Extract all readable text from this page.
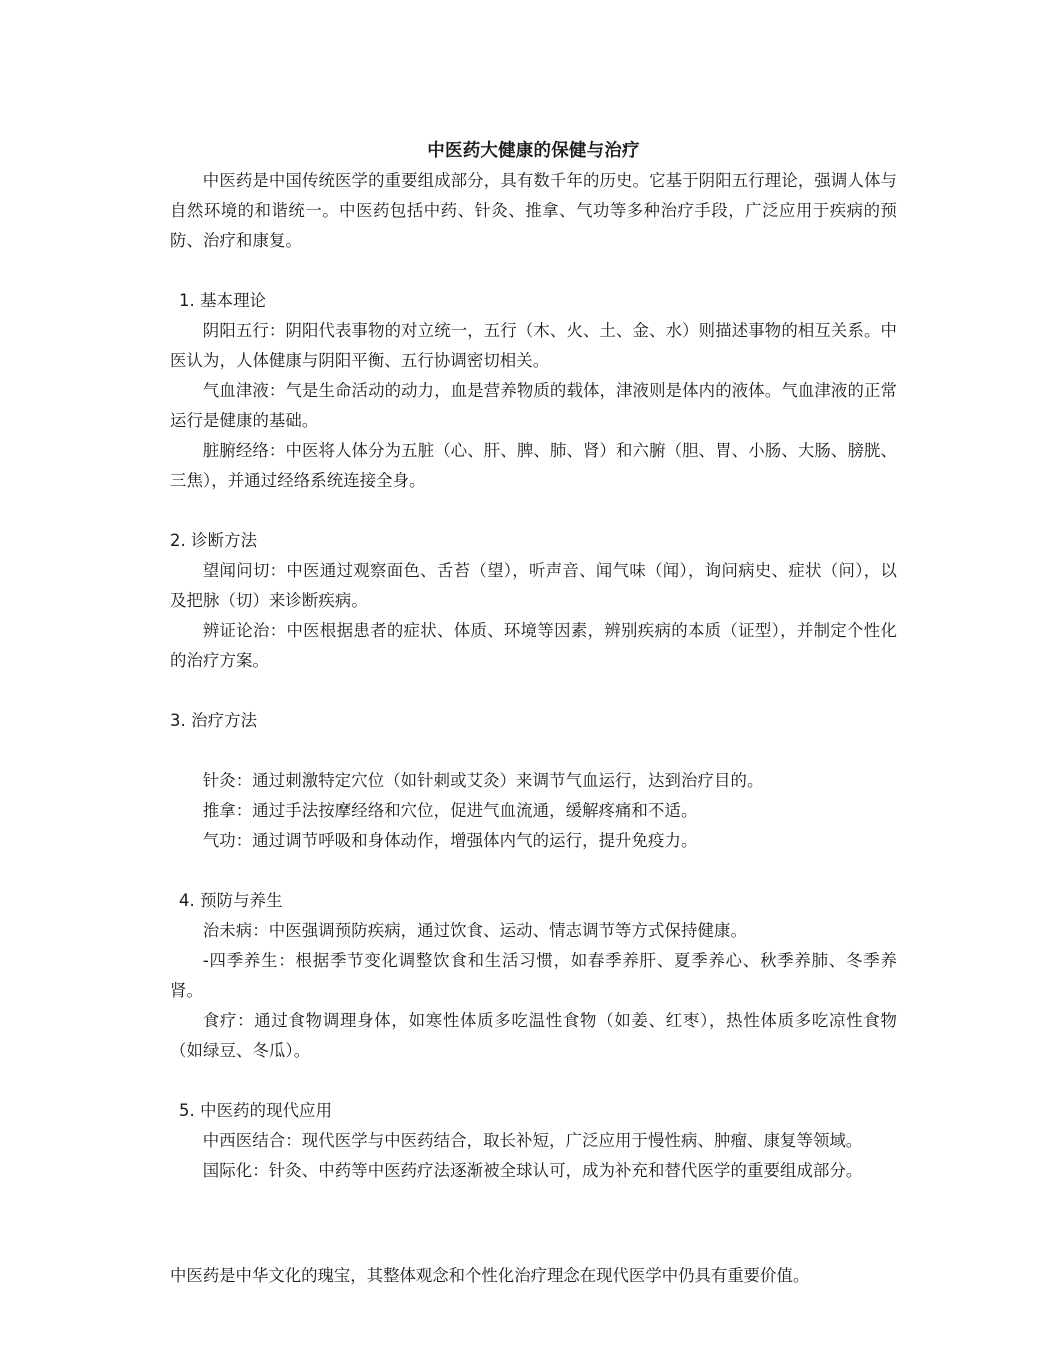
中医药大健康的保健与治疗

中医药是中国传统医学的重要组成部分，具有数千年的历史。它基于阴阳五行理论，强调人体与自然环境的和谐统一。中医药包括中药、针灸、推拿、气功等多种治疗手段，广泛应用于疾病的预防、治疗和康复。

1. 基本理论

阴阳五行：阴阳代表事物的对立统一，五行（木、火、土、金、水）则描述事物的相互关系。中医认为，人体健康与阴阳平衡、五行协调密切相关。

气血津液：气是生命活动的动力，血是营养物质的载体，津液则是体内的液体。气血津液的正常运行是健康的基础。

脏腑经络：中医将人体分为五脏（心、肝、脾、肺、肾）和六腑（胆、胃、小肠、大肠、膀胱、三焦），并通过经络系统连接全身。

2. 诊断方法

望闻问切：中医通过观察面色、舌苔（望），听声音、闻气味（闻），询问病史、症状（问），以及把脉（切）来诊断疾病。

辨证论治：中医根据患者的症状、体质、环境等因素，辨别疾病的本质（证型），并制定个性化的治疗方案。

3. 治疗方法

针灸：通过刺激特定穴位（如针刺或艾灸）来调节气血运行，达到治疗目的。

推拿：通过手法按摩经络和穴位，促进气血流通，缓解疼痛和不适。

气功：通过调节呼吸和身体动作，增强体内气的运行，提升免疫力。

4. 预防与养生

治未病：中医强调预防疾病，通过饮食、运动、情志调节等方式保持健康。

-四季养生：根据季节变化调整饮食和生活习惯，如春季养肝、夏季养心、秋季养肺、冬季养肾。

食疗：通过食物调理身体，如寒性体质多吃温性食物（如姜、红枣），热性体质多吃凉性食物（如绿豆、冬瓜）。

5. 中医药的现代应用

中西医结合：现代医学与中医药结合，取长补短，广泛应用于慢性病、肿瘤、康复等领域。

国际化：针灸、中药等中医药疗法逐渐被全球认可，成为补充和替代医学的重要组成部分。

中医药是中华文化的瑰宝，其整体观念和个性化治疗理念在现代医学中仍具有重要价值。
